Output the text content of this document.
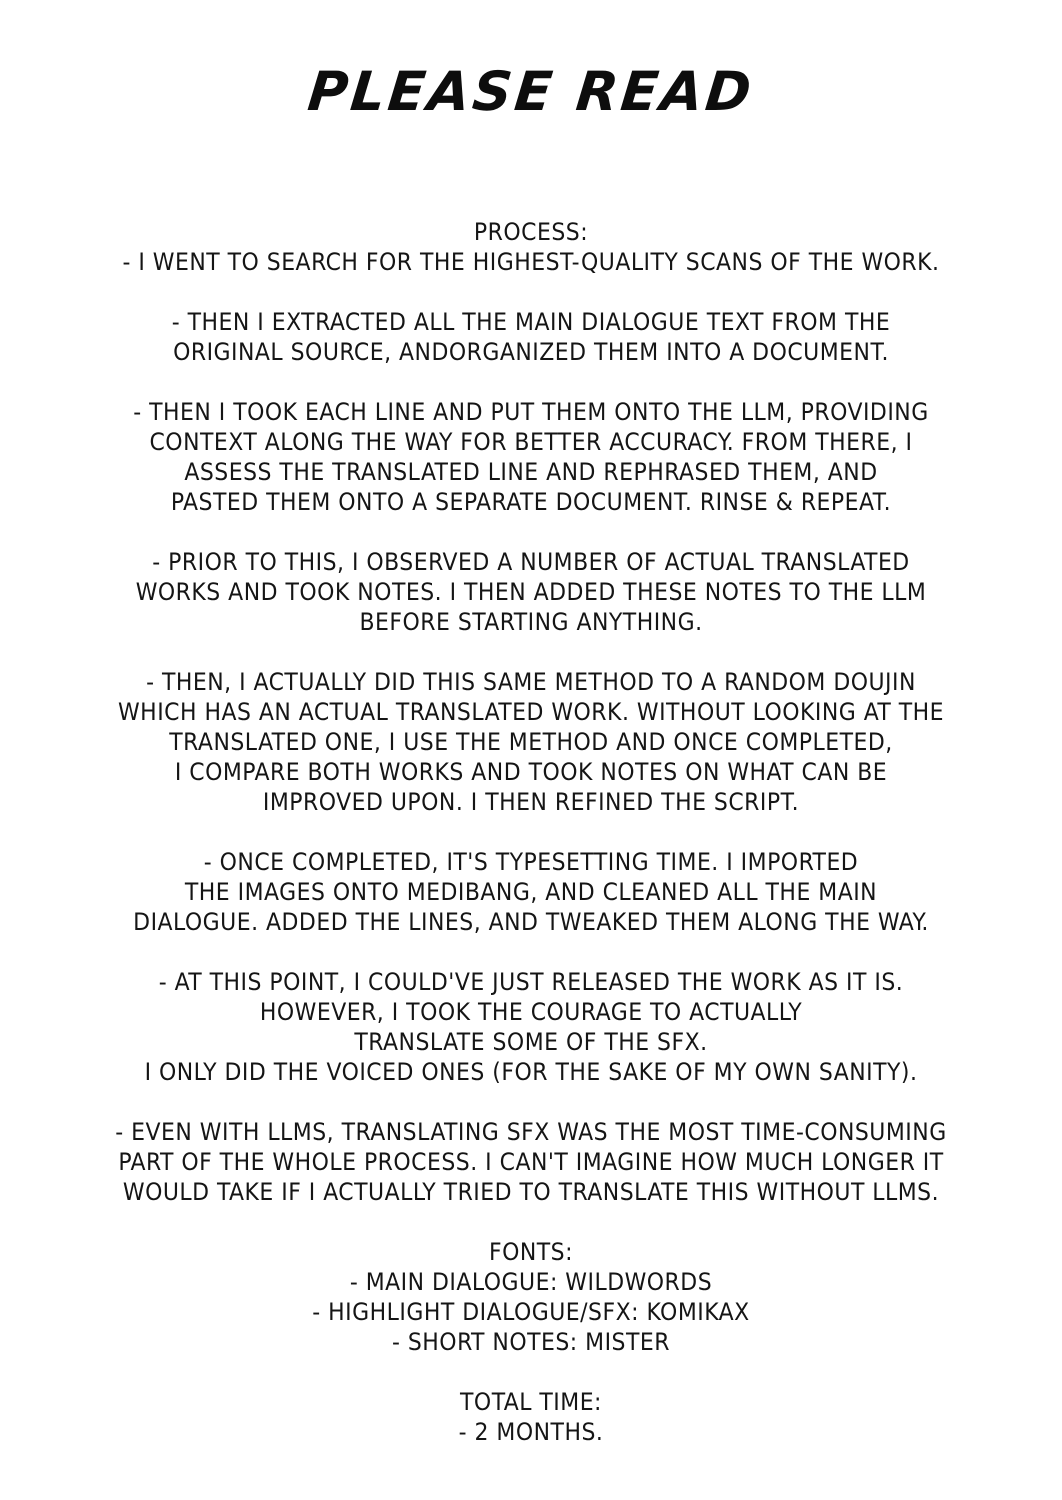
PLEASE READ
PROCESS:
- I WENT TO SEARCH FOR THE HIGHEST-QUALITY SCANS OF THE WORK.
- THEN I EXTRACTED ALL THE MAIN DIALOGUE TEXT FROM THE
ORIGINAL SOURCE, ANDORGANIZED THEM INTO A DOCUMENT.
- THEN I TOOK EACH LINE AND PUT THEM ONTO THE LLM, PROVIDING
CONTEXT ALONG THE WAY FOR BETTER ACCURACY. FROM THERE, I
ASSESS THE TRANSLATED LINE AND REPHRASED THEM, AND
PASTED THEM ONTO A SEPARATE DOCUMENT. RINSE & REPEAT.
- PRIOR TO THIS, I OBSERVED A NUMBER OF ACTUAL TRANSLATED
WORKS AND TOOK NOTES. I THEN ADDED THESE NOTES TO THE LLM
BEFORE STARTING ANYTHING.
- THEN, I ACTUALLY DID THIS SAME METHOD TO A RANDOM DOUJIN
WHICH HAS AN ACTUAL TRANSLATED WORK. WITHOUT LOOKING AT THE
TRANSLATED ONE, I USE THE METHOD AND ONCE COMPLETED,
I COMPARE BOTH WORKS AND TOOK NOTES ON WHAT CAN BE
IMPROVED UPON. I THEN REFINED THE SCRIPT.
- ONCE COMPLETED, IT'S TYPESETTING TIME. I IMPORTED
THE IMAGES ONTO MEDIBANG, AND CLEANED ALL THE MAIN
DIALOGUE. ADDED THE LINES, AND TWEAKED THEM ALONG THE WAY.
- AT THIS POINT, I COULD'VE JUST RELEASED THE WORK AS IT IS.
HOWEVER, I TOOK THE COURAGE TO ACTUALLY
TRANSLATE SOME OF THE SFX.
I ONLY DID THE VOICED ONES (FOR THE SAKE OF MY OWN SANITY).
- EVEN WITH LLMS, TRANSLATING SFX WAS THE MOST TIME-CONSUMING
PART OF THE WHOLE PROCESS. I CAN'T IMAGINE HOW MUCH LONGER IT
WOULD TAKE IF I ACTUALLY TRIED TO TRANSLATE THIS WITHOUT LLMS.
FONTS:
- MAIN DIALOGUE: WILDWORDS
- HIGHLIGHT DIALOGUE/SFX: KOMIKAX
- SHORT NOTES: MISTER
TOTAL TIME:
- 2 MONTHS.
